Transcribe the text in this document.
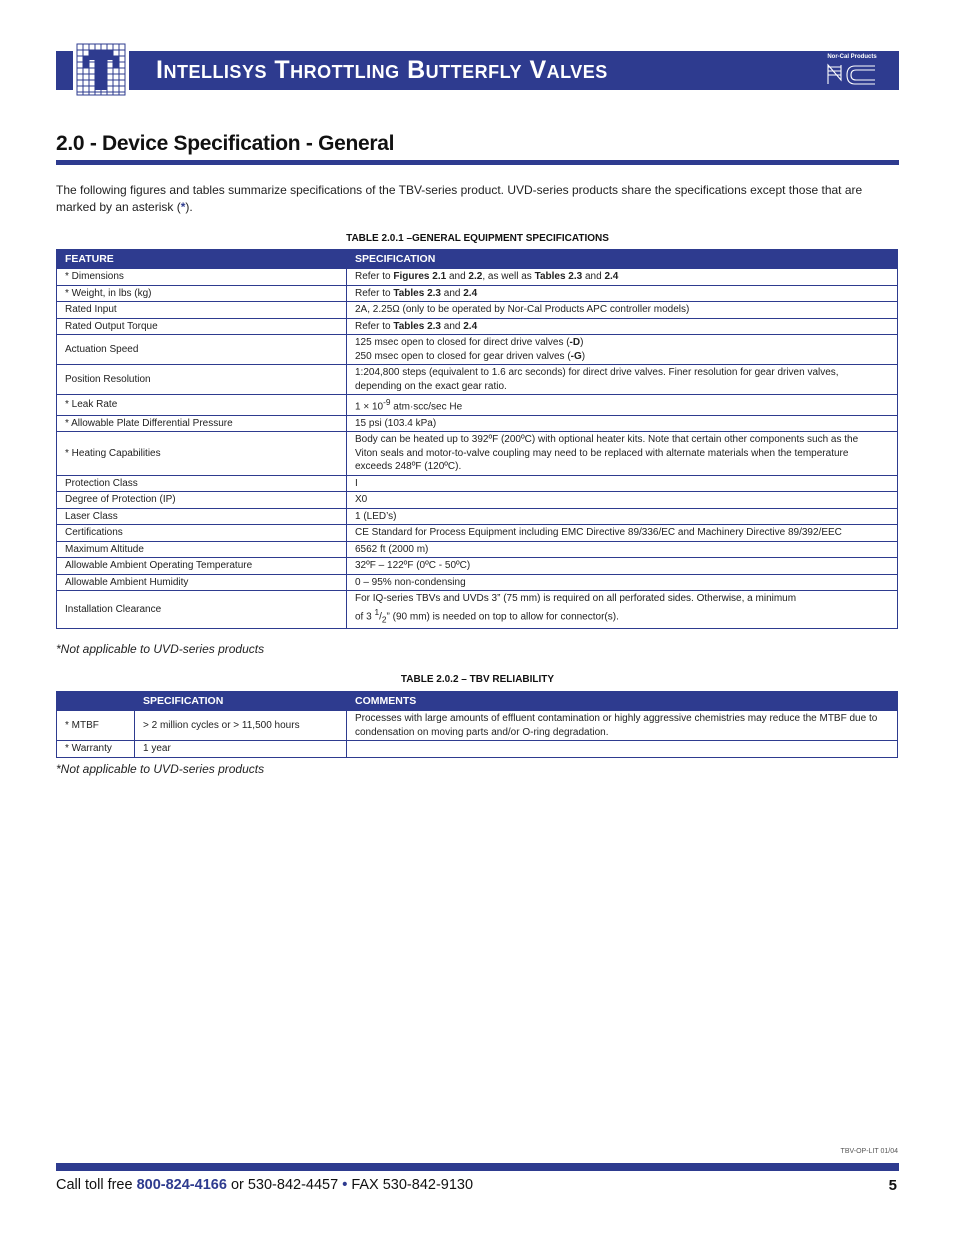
Intellisys Throttling Butterfly Valves	Nor-Cal Products
2.0 - Device Specification - General
The following figures and tables summarize specifications of the TBV-series product. UVD-series products share the specifications except those that are marked by an asterisk (*).
TABLE 2.0.1 –GENERAL EQUIPMENT SPECIFICATIONS
FEATURE	SPECIFICATION
* Dimensions	Refer to Figures 2.1 and 2.2, as well as Tables 2.3 and 2.4
* Weight, in lbs (kg)	Refer to Tables 2.3 and 2.4
Rated Input	2A, 2.25Ω (only to be operated by Nor-Cal Products APC controller models)
Rated Output Torque	Refer to Tables 2.3 and 2.4
Actuation Speed	125 msec open to closed for direct drive valves (-D)
250 msec open to closed for gear driven valves (-G)
Position Resolution	1:204,800 steps (equivalent to 1.6 arc seconds) for direct drive valves. Finer resolution for gear driven valves,
depending on the exact gear ratio.
* Leak Rate	$1 \times 10^{-9}$ atm·scc/sec He
* Allowable Plate Differential Pressure	15 psi (103.4 kPa)
* Heating Capabilities	Body can be heated up to 392ºF (200ºC) with optional heater kits. Note that certain other components such as the
Viton seals and motor-to-valve coupling may need to be replaced with alternate materials when the temperature
exceeds 248ºF (120ºC).
Protection Class	I
Degree of Protection (IP)	X0
Laser Class	1 (LED’s)
Certifications	CE Standard for Process Equipment including EMC Directive 89/336/EC and Machinery Directive 89/392/EEC
Maximum Altitude	6562 ft (2000 m)
Allowable Ambient Operating Temperature	32ºF – 122ºF (0ºC - 50ºC)
Allowable Ambient Humidity	0 – 95% non-condensing
Installation Clearance	For IQ-series TBVs and UVDs 3” (75 mm) is required on all perforated sides. Otherwise, a minimum
of 3 $^1/_2$” (90 mm) is needed on top to allow for connector(s).
*Not applicable to UVD-series products
TABLE 2.0.2 – TBV RELIABILITY
	SPECIFICATION	COMMENTS
* MTBF	> 2 million cycles or > 11,500 hours	Processes with large amounts of effluent contamination or highly aggressive chemistries may reduce the MTBF due to condensation on moving parts and/or O-ring degradation.
* Warranty	1 year	
*Not applicable to UVD-series products
TBV-OP-LIT 01/04
Call toll free 800-824-4166 or 530-842-4457 • FAX 530-842-9130	5
